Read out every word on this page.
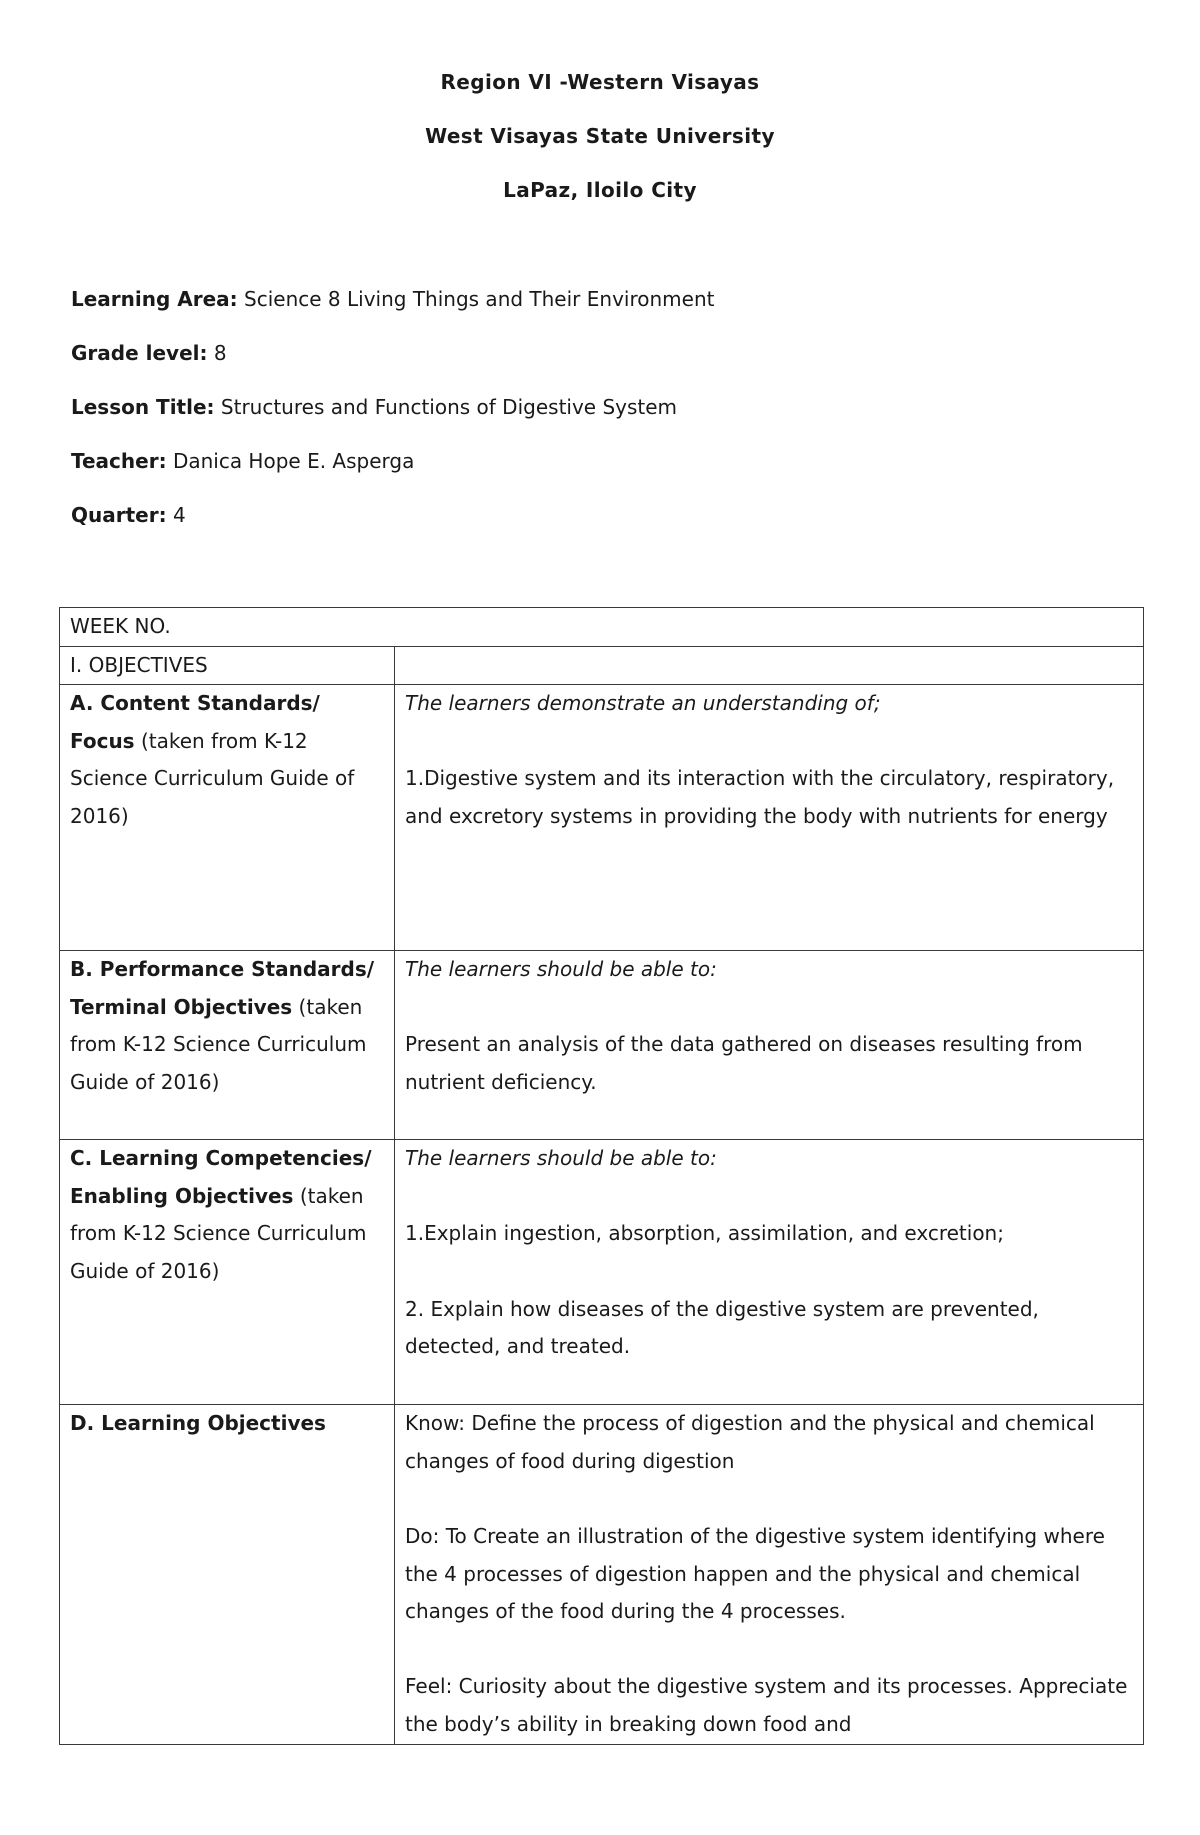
Region VI -Western Visayas
West Visayas State University
LaPaz, Iloilo City
Learning Area: Science 8 Living Things and Their Environment
Grade level: 8
Lesson Title: Structures and Functions of Digestive System
Teacher: Danica Hope E. Asperga
Quarter: 4
WEEK NO.	
I. OBJECTIVES	
A. Content Standards/ Focus (taken from K-12 Science Curriculum Guide of 2016)	The learners demonstrate an understanding of;
1.Digestive system and its interaction with the circulatory, respiratory, and excretory systems in providing the body with nutrients for energy

B. Performance Standards/ Terminal Objectives (taken from K-12 Science Curriculum Guide of 2016)	The learners should be able to:
Present an analysis of the data gathered on diseases resulting from nutrient deficiency.

C. Learning Competencies/ Enabling Objectives (taken from K-12 Science Curriculum Guide of 2016)	The learners should be able to:
1.Explain ingestion, absorption, assimilation, and excretion;
2. Explain how diseases of the digestive system are prevented, detected, and treated.

D. Learning Objectives	Know: Define the process of digestion and the physical and chemical changes of food during digestion
Do: To Create an illustration of the digestive system identifying where the 4 processes of digestion happen and the physical and chemical changes of the food during the 4 processes.
Feel: Curiosity about the digestive system and its processes. Appreciate the body’s ability in breaking down food and
